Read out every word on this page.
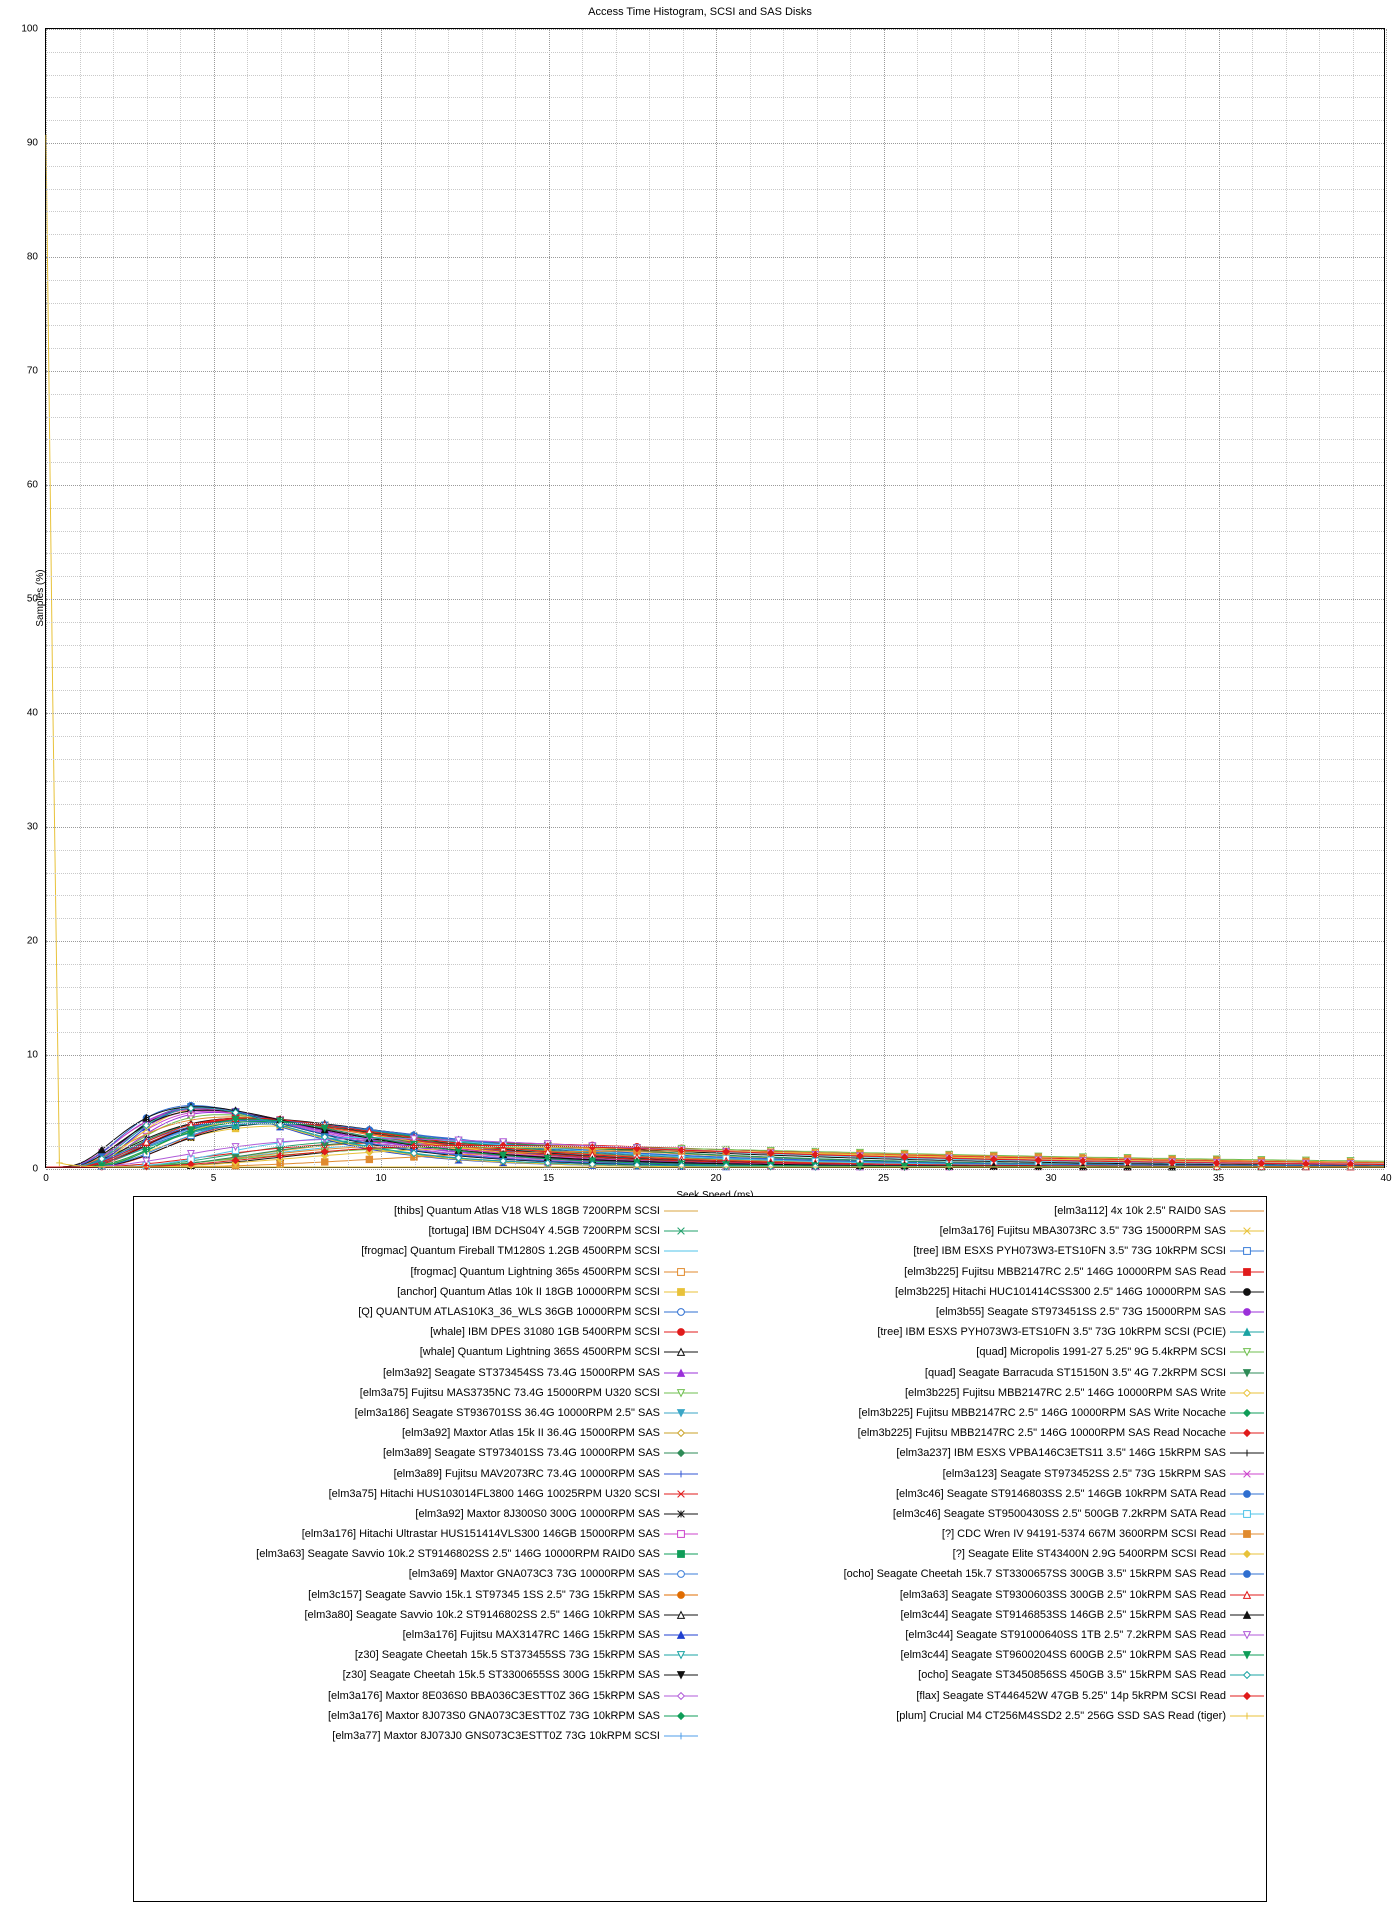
Access Time Histogram, SCSI and SAS Disks
Samples (%)
0	5	10	15	20	25	30	35	40
0
10
20
30
40
50
60
70
80
90
100
[thibs] Quantum Atlas V18 WLS 18GB 7200RPM SCSI
[tortuga] IBM DCHS04Y 4.5GB 7200RPM SCSI
[frogmac] Quantum Fireball TM1280S 1.2GB 4500RPM SCSI
[frogmac] Quantum Lightning 365s 4500RPM SCSI
[anchor] Quantum Atlas 10k II 18GB 10000RPM SCSI
[Q] QUANTUM ATLAS10K3_36_WLS 36GB 10000RPM SCSI
[whale] IBM DPES 31080 1GB 5400RPM SCSI
[whale] Quantum Lightning 365S 4500RPM SCSI
[elm3a92] Seagate ST373454SS 73.4G 15000RPM SAS
[elm3a75] Fujitsu MAS3735NC 73.4G 15000RPM U320 SCSI
[elm3a186] Seagate ST936701SS 36.4G 10000RPM 2.5" SAS
[elm3a92] Maxtor Atlas 15k II 36.4G 15000RPM SAS
[elm3a89] Seagate ST973401SS 73.4G 10000RPM SAS
[elm3a89] Fujitsu MAV2073RC 73.4G 10000RPM SAS
[elm3a75] Hitachi HUS103014FL3800 146G 10025RPM U320 SCSI
[elm3a92] Maxtor 8J300S0 300G 10000RPM SAS
[elm3a176] Hitachi Ultrastar HUS151414VLS300 146GB 15000RPM SAS
[elm3a63] Seagate Savvio 10k.2 ST9146802SS 2.5" 146G 10000RPM RAID0 SAS
[elm3a69] Maxtor GNA073C3 73G 10000RPM SAS
[elm3c157] Seagate Savvio 15k.1 ST97345 1SS 2.5" 73G 15kRPM SAS
[elm3a80] Seagate Savvio 10k.2 ST9146802SS 2.5" 146G 10kRPM SAS
[elm3a176] Fujitsu MAX3147RC 146G 15kRPM SAS
[z30] Seagate Cheetah 15k.5 ST373455SS 73G 15kRPM SAS
[z30] Seagate Cheetah 15k.5 ST3300655SS 300G 15kRPM SAS
[elm3a176] Maxtor 8E036S0 BBA036C3ESTT0Z 36G 15kRPM SAS
[elm3a176] Maxtor 8J073S0 GNA073C3ESTT0Z 73G 10kRPM SAS
[elm3a77] Maxtor 8J073J0 GNS073C3ESTT0Z 73G 10kRPM SCSI
[elm3a112] 4x 10k 2.5" RAID0 SAS
[elm3a176] Fujitsu MBA3073RC 3.5" 73G 15000RPM SAS
[tree] IBM ESXS PYH073W3-ETS10FN 3.5" 73G 10kRPM SCSI
[elm3b225] Fujitsu MBB2147RC 2.5" 146G 10000RPM SAS Read
[elm3b225] Hitachi HUC101414CSS300 2.5" 146G 10000RPM SAS
[elm3b55] Seagate ST973451SS 2.5" 73G 15000RPM SAS
[tree] IBM ESXS PYH073W3-ETS10FN 3.5" 73G 10kRPM SCSI (PCIE)
[quad] Micropolis 1991-27 5.25" 9G 5.4kRPM SCSI
[quad] Seagate Barracuda ST15150N 3.5" 4G 7.2kRPM SCSI
[elm3b225] Fujitsu MBB2147RC 2.5" 146G 10000RPM SAS Write
[elm3b225] Fujitsu MBB2147RC 2.5" 146G 10000RPM SAS Write Nocache
[elm3b225] Fujitsu MBB2147RC 2.5" 146G 10000RPM SAS Read Nocache
[elm3a237] IBM ESXS VPBA146C3ETS11 3.5" 146G 15kRPM SAS
[elm3a123] Seagate ST973452SS 2.5" 73G 15kRPM SAS
[elm3c46] Seagate ST9146803SS 2.5" 146GB 10kRPM SATA Read
[elm3c46] Seagate ST9500430SS 2.5" 500GB 7.2kRPM SATA Read
[?] CDC Wren IV 94191-5374 667M 3600RPM SCSI Read
[?] Seagate Elite ST43400N 2.9G 5400RPM SCSI Read
[ocho] Seagate Cheetah 15k.7 ST3300657SS 300GB 3.5" 15kRPM SAS Read
[elm3a63] Seagate ST9300603SS 300GB 2.5" 10kRPM SAS Read
[elm3c44] Seagate ST9146853SS 146GB 2.5" 15kRPM SAS Read
[elm3c44] Seagate ST91000640SS 1TB 2.5" 7.2kRPM SAS Read
[elm3c44] Seagate ST9600204SS 600GB 2.5" 10kRPM SAS Read
[ocho] Seagate ST3450856SS 450GB 3.5" 15kRPM SAS Read
[flax] Seagate ST446452W 47GB 5.25" 14p 5kRPM SCSI Read
[plum] Crucial M4 CT256M4SSD2 2.5" 256G SSD SAS Read (tiger)
